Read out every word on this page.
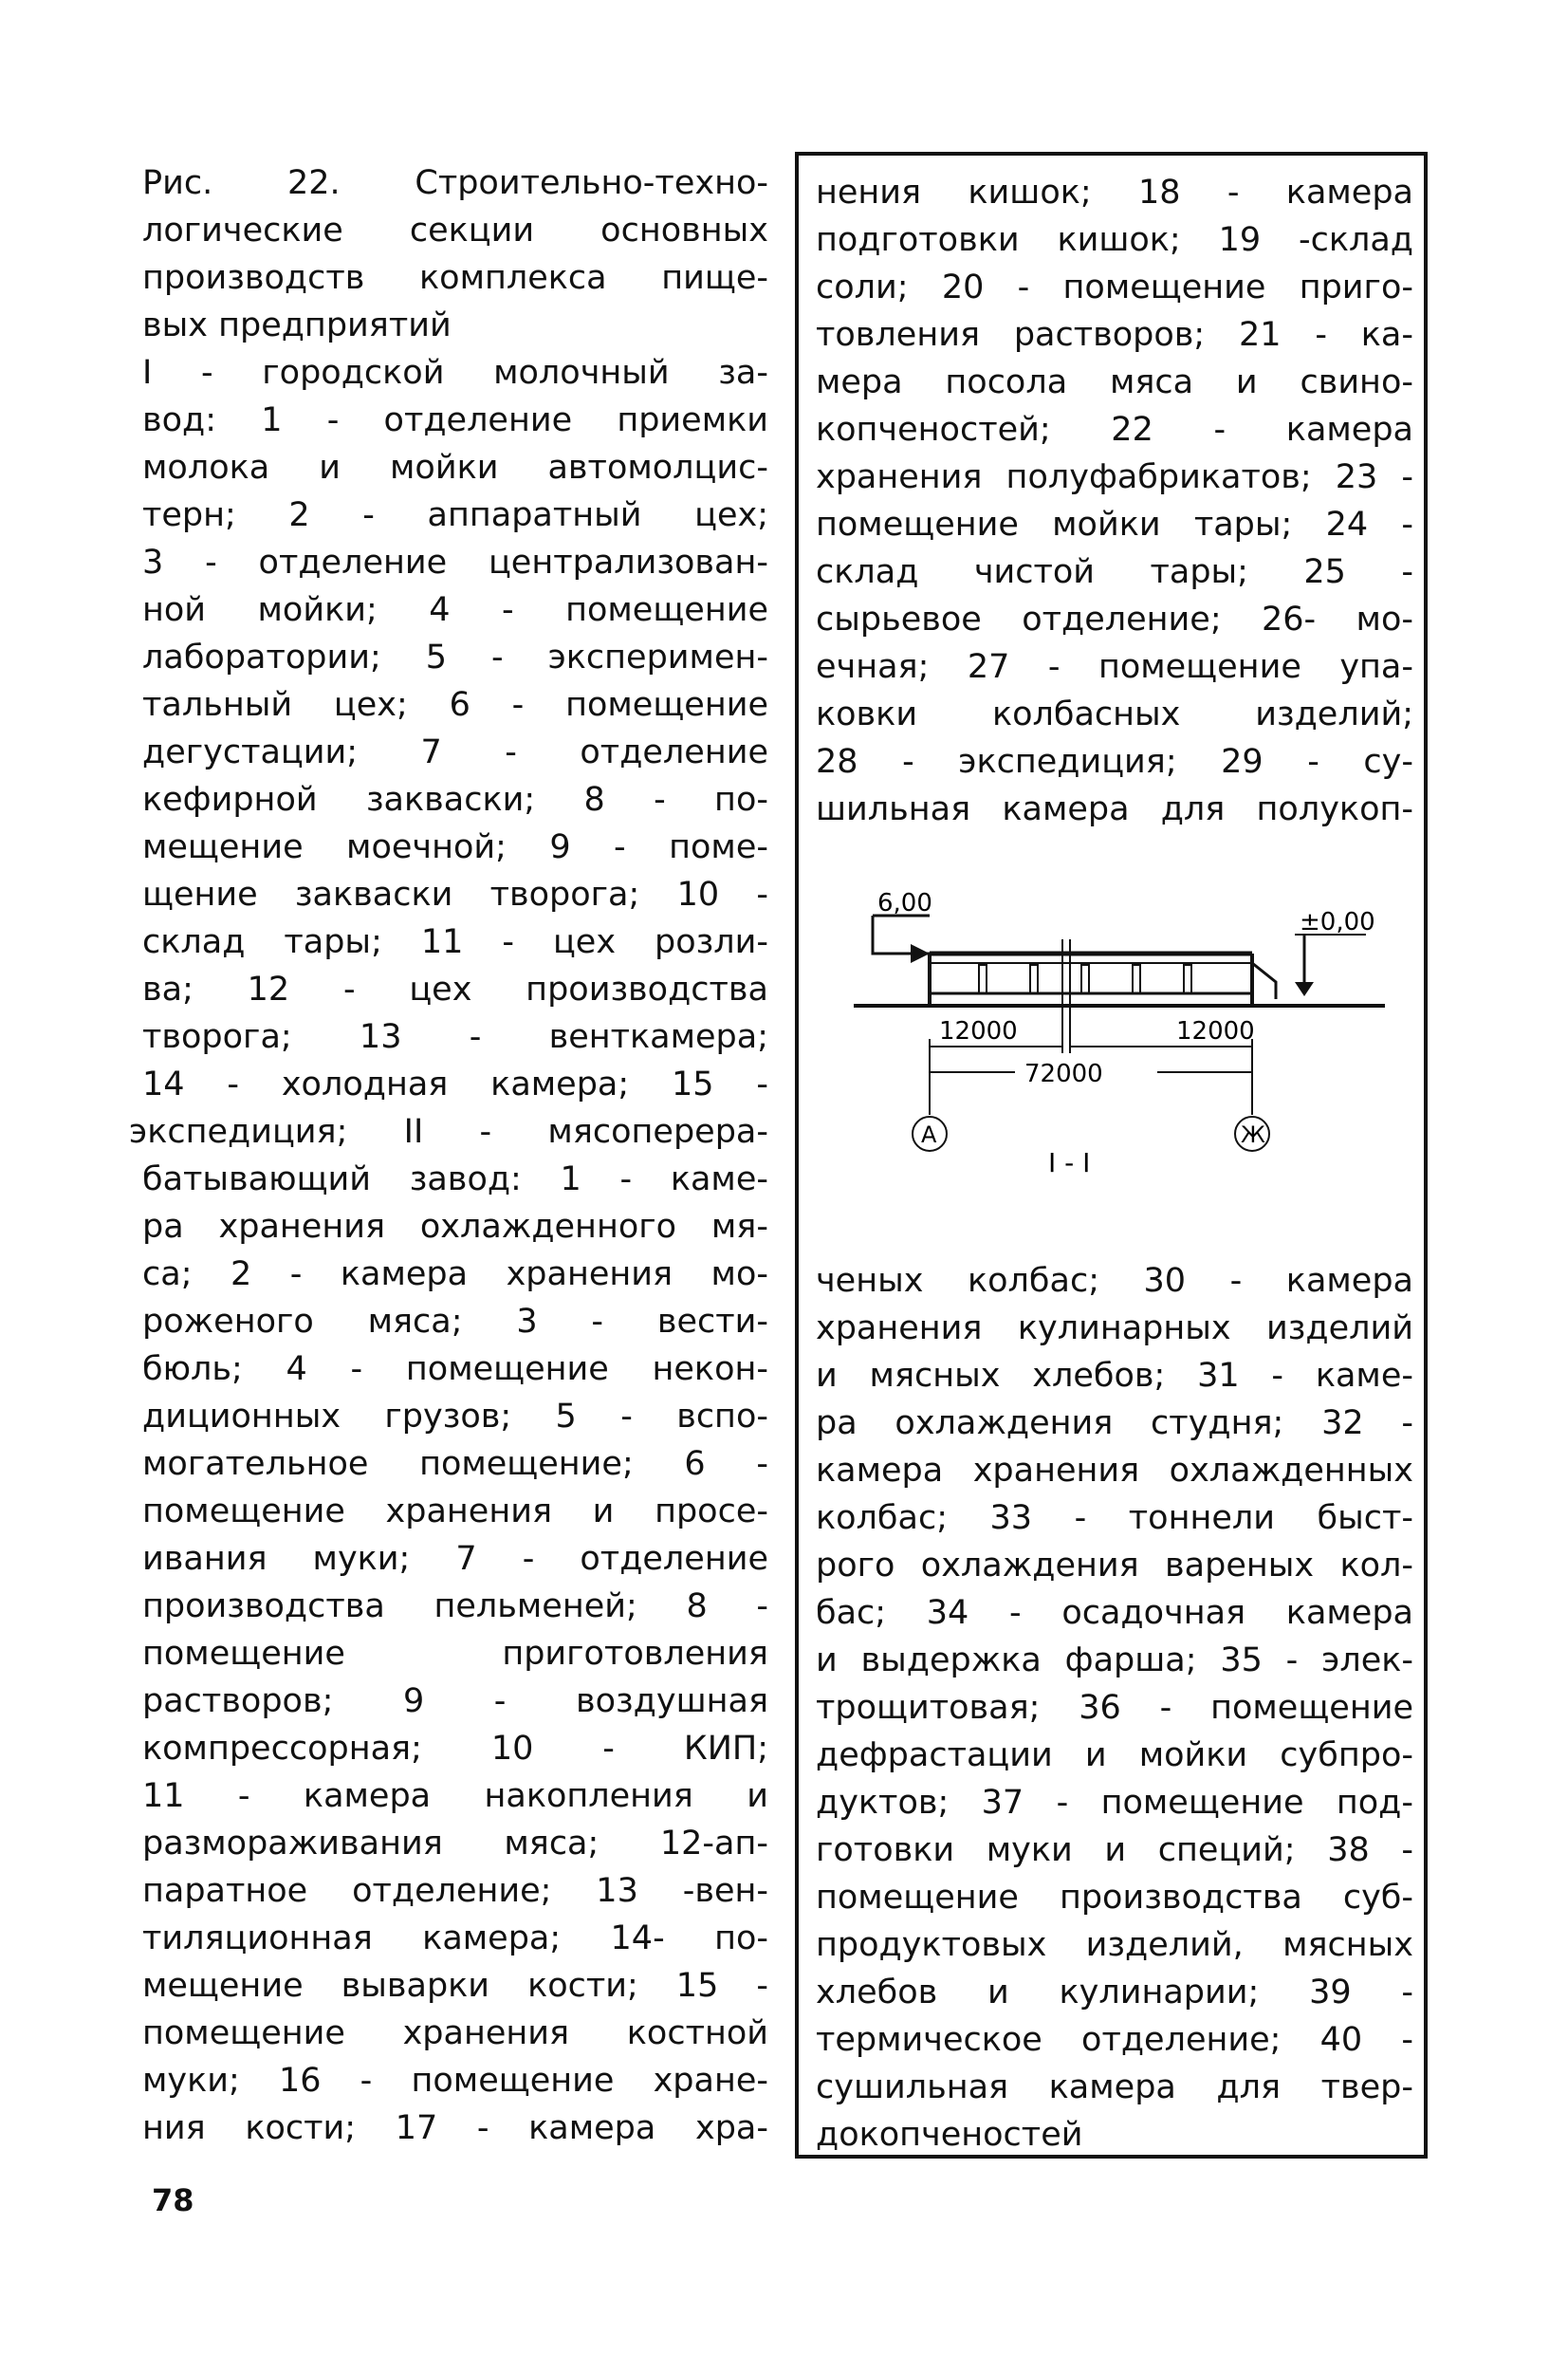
Рис. 22. Строительно-техно-
логические секции основных
производств комплекса пище-
вых предприятий
I - городской молочный за-
вод: 1 - отделение приемки
молока и мойки автомолцис-
терн; 2 - аппаратный цех;
3 - отделение централизован-
ной мойки; 4 - помещение
лаборатории; 5 - эксперимен-
тальный цех; 6 - помещение
дегустации; 7 - отделение
кефирной закваски; 8 - по-
мещение моечной; 9 - поме-
щение закваски творога; 10 -
склад тары; 11 - цех розли-
ва; 12 - цех производства
творога; 13 - венткамера;
14 - холодная камера; 15 -
экспедиция; II - мясоперера-
батывающий завод: 1 - каме-
ра хранения охлажденного мя-
са; 2 - камера хранения мо-
роженого мяса; 3 - вести-
бюль; 4 - помещение некон-
диционных грузов; 5 - вспо-
могательное помещение; 6 -
помещение хранения и просе-
ивания муки; 7 - отделение
производства пельменей; 8 -
помещение приготовления
растворов; 9 - воздушная
компрессорная; 10 - КИП;
11 - камера накопления и
размораживания мяса; 12-ап-
паратное отделение; 13 -вен-
тиляционная камера; 14- по-
мещение выварки кости; 15 -
помещение хранения костной
муки; 16 - помещение хране-
ния кости; 17 - камера хра-
нения кишок; 18 - камера
подготовки кишок; 19 -склад
соли; 20 - помещение приго-
товления растворов; 21 - ка-
мера посола мяса и свино-
копченостей; 22 - камера
хранения полуфабрикатов; 23 -
помещение мойки тары; 24 -
склад чистой тары; 25 -
сырьевое отделение; 26- мо-
ечная; 27 - помещение упа-
ковки колбасных изделий;
28 - экспедиция; 29 - су-
шильная камера для полукоп-
6,00
±0,00
12000	12000
72000
А	Ж
I - I
ченых колбас; 30 - камера
хранения кулинарных изделий
и мясных хлебов; 31 - каме-
ра охлаждения студня; 32 -
камера хранения охлажденных
колбас; 33 - тоннели быст-
рого охлаждения вареных кол-
бас; 34 - осадочная камера
и выдержка фарша; 35 - элек-
трощитовая; 36 - помещение
дефрастации и мойки субпро-
дуктов; 37 - помещение под-
готовки муки и специй; 38 -
помещение производства суб-
продуктовых изделий, мясных
хлебов и кулинарии; 39 -
термическое отделение; 40 -
сушильная камера для твер-
докопченостей
78
